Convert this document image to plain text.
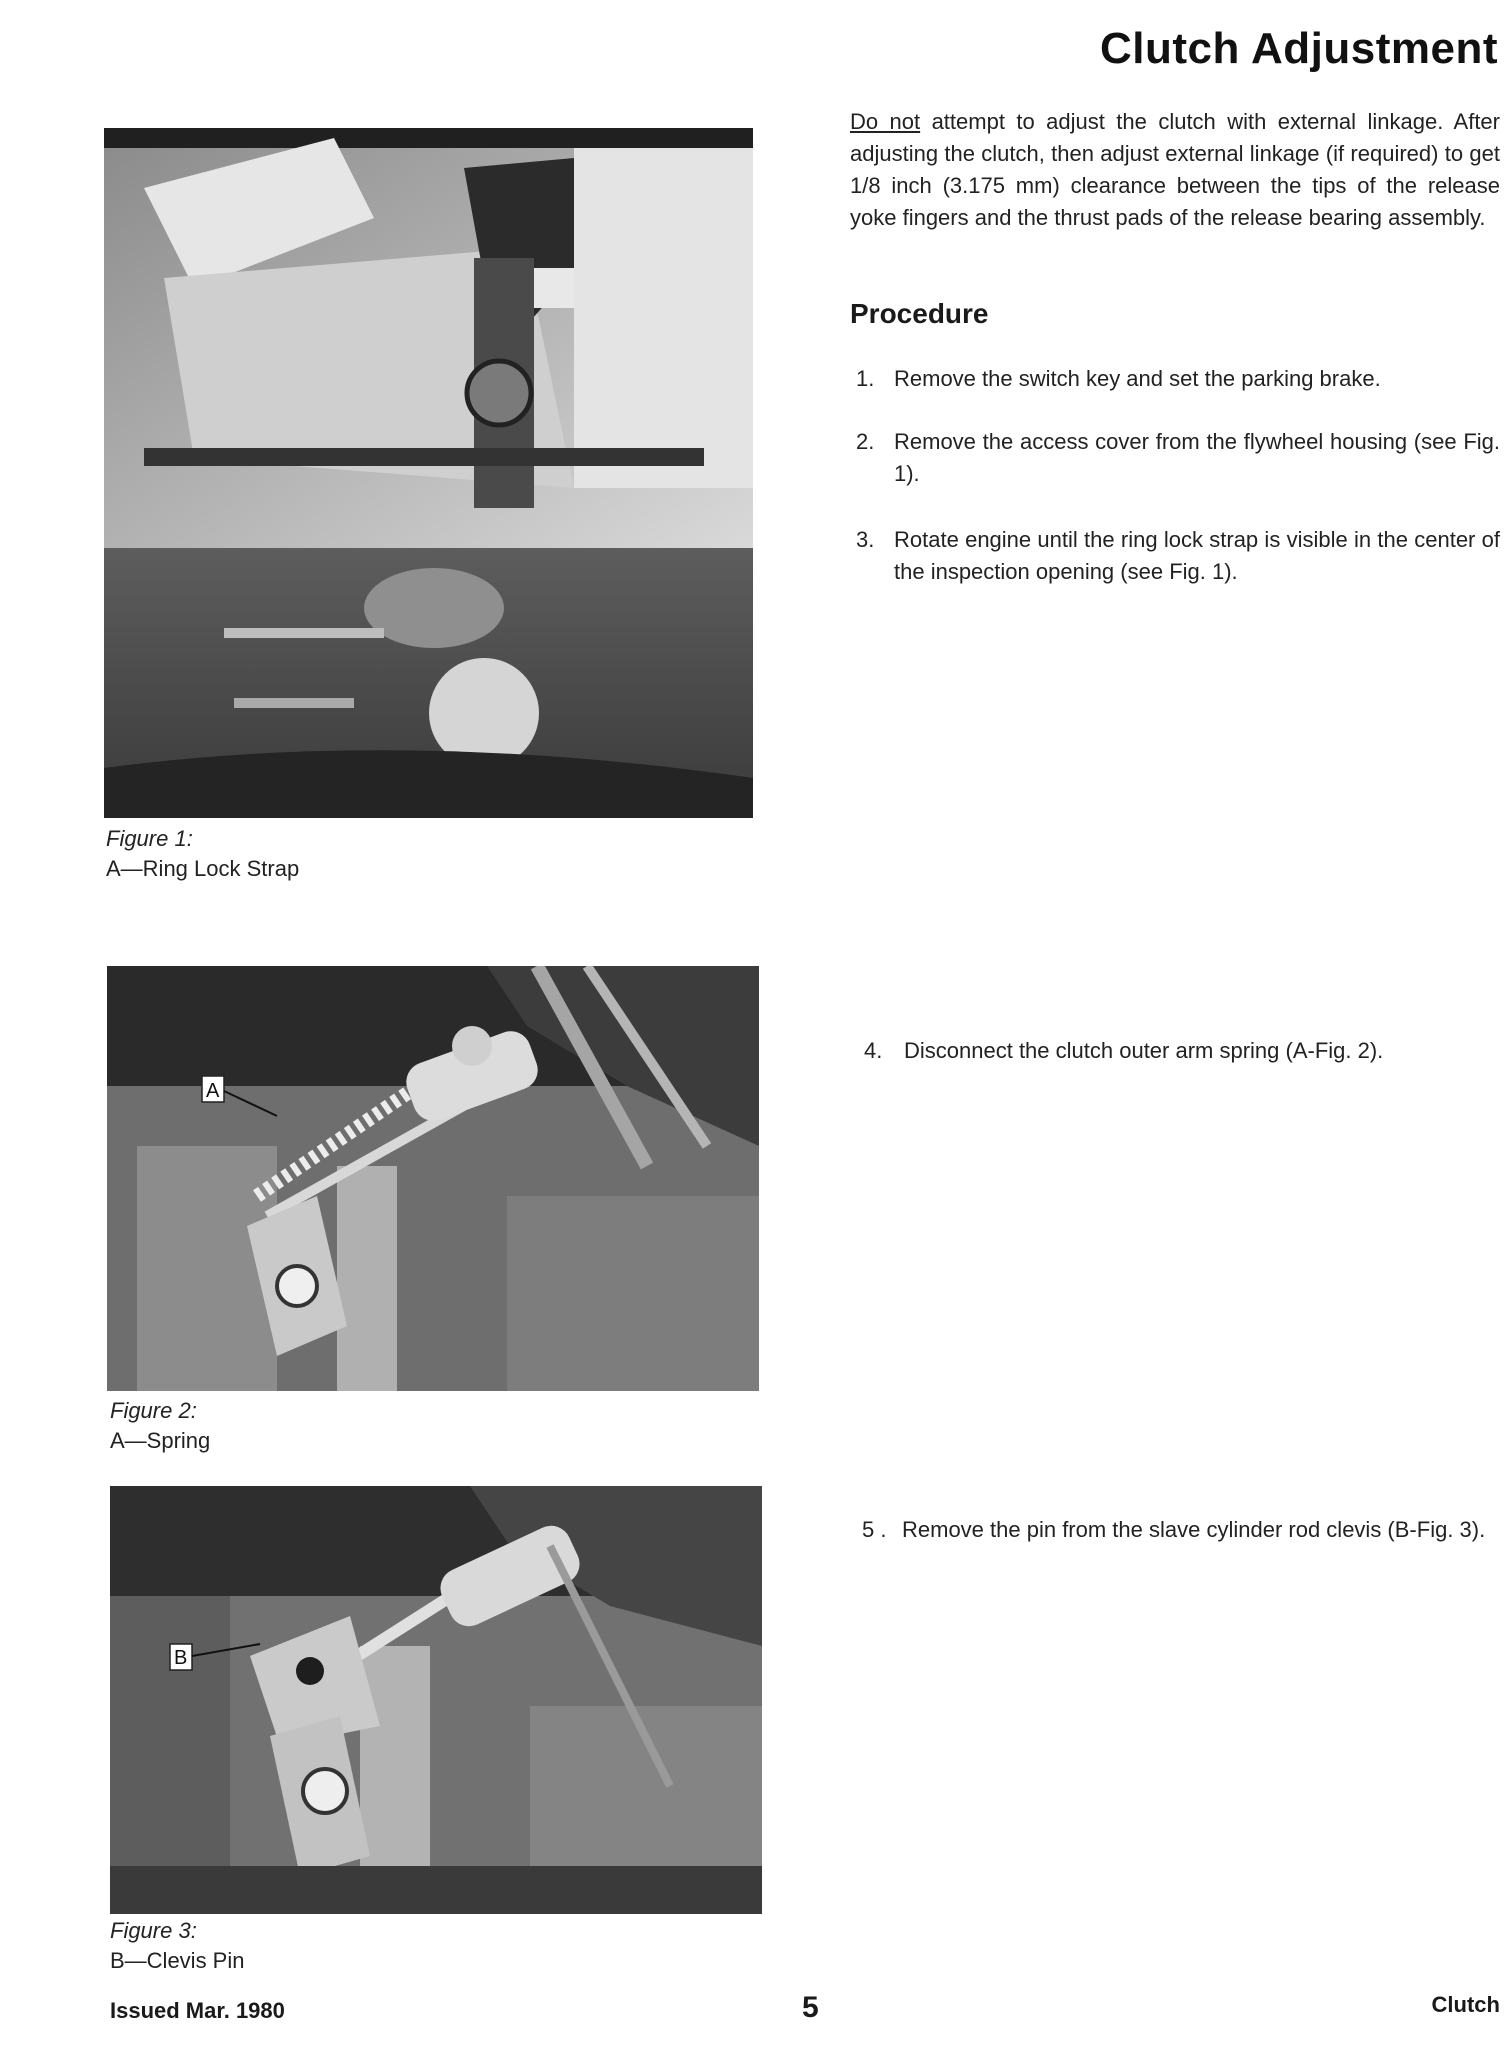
Clutch Adjustment
Do not attempt to adjust the clutch with external linkage. After adjusting the clutch, then adjust external linkage (if required) to get 1/8 inch (3.175 mm) clearance between the tips of the release yoke fingers and the thrust pads of the release bearing assembly.
Procedure
1. Remove the switch key and set the parking brake.
2. Remove the access cover from the flywheel housing (see Fig. 1).
3. Rotate engine until the ring lock strap is visible in the center of the inspection opening (see Fig. 1).
4. Disconnect the clutch outer arm spring (A-Fig. 2).
5 . Remove the pin from the slave cylinder rod clevis (B-Fig. 3).
Figure 1:
A—Ring Lock Strap
A
Figure 2:
A—Spring
B
Figure 3:
B—Clevis Pin
Issued Mar. 1980	5	Clutch
